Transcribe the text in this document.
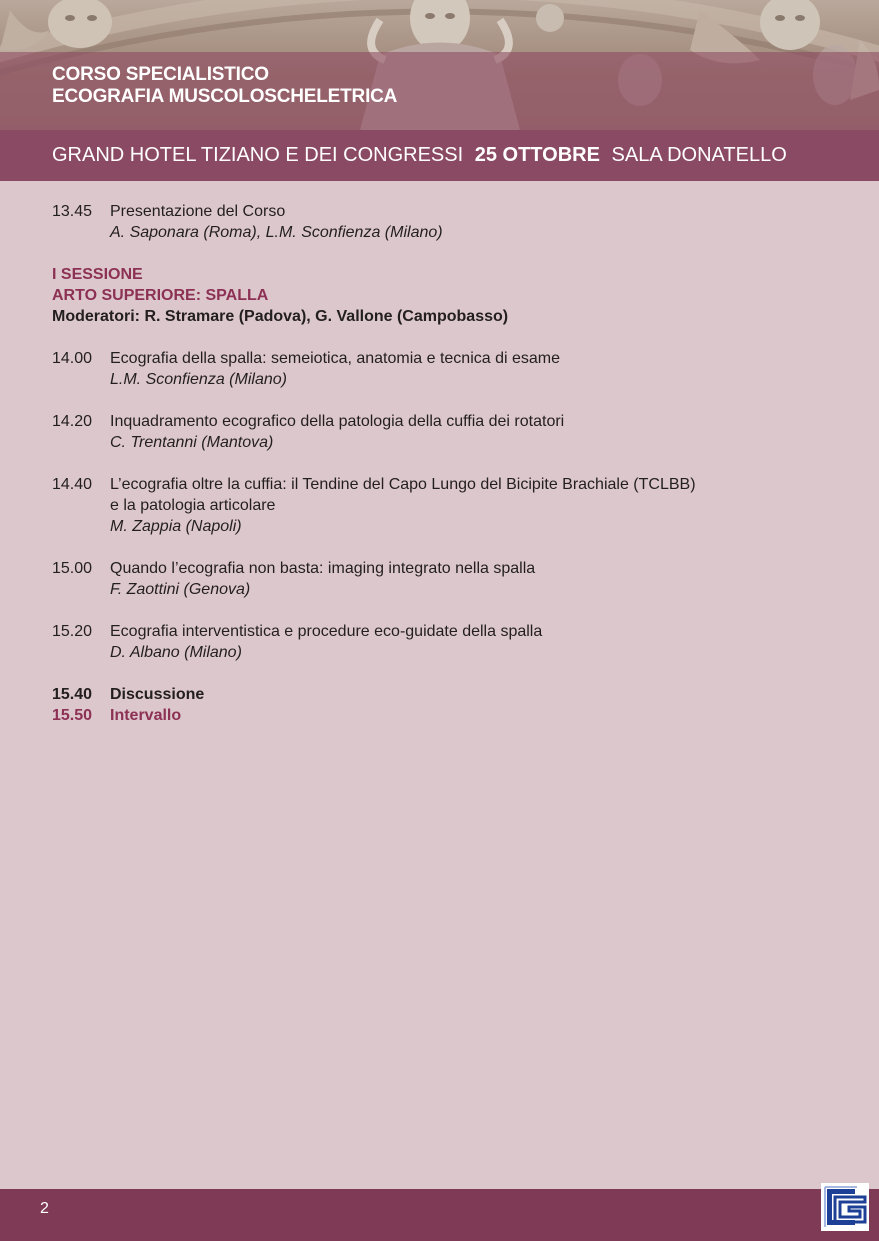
CORSO SPECIALISTICO
ECOGRAFIA MUSCOLOSCHELETRICA
GRAND HOTEL TIZIANO E DEI CONGRESSI 25 OTTOBRE SALA DONATELLO
13.45 Presentazione del Corso
A. Saponara (Roma), L.M. Sconfienza (Milano)
I SESSIONE
ARTO SUPERIORE: SPALLA
Moderatori: R. Stramare (Padova), G. Vallone (Campobasso)
14.00 Ecografia della spalla: semeiotica, anatomia e tecnica di esame
L.M. Sconfienza (Milano)
14.20 Inquadramento ecografico della patologia della cuffia dei rotatori
C. Trentanni (Mantova)
14.40 L’ecografia oltre la cuffia: il Tendine del Capo Lungo del Bicipite Brachiale (TCLBB)
e la patologia articolare
M. Zappia (Napoli)
15.00 Quando l’ecografia non basta: imaging integrato nella spalla
F. Zaottini (Genova)
15.20 Ecografia interventistica e procedure eco-guidate della spalla
D. Albano (Milano)
15.40 Discussione
15.50 Intervallo
2
